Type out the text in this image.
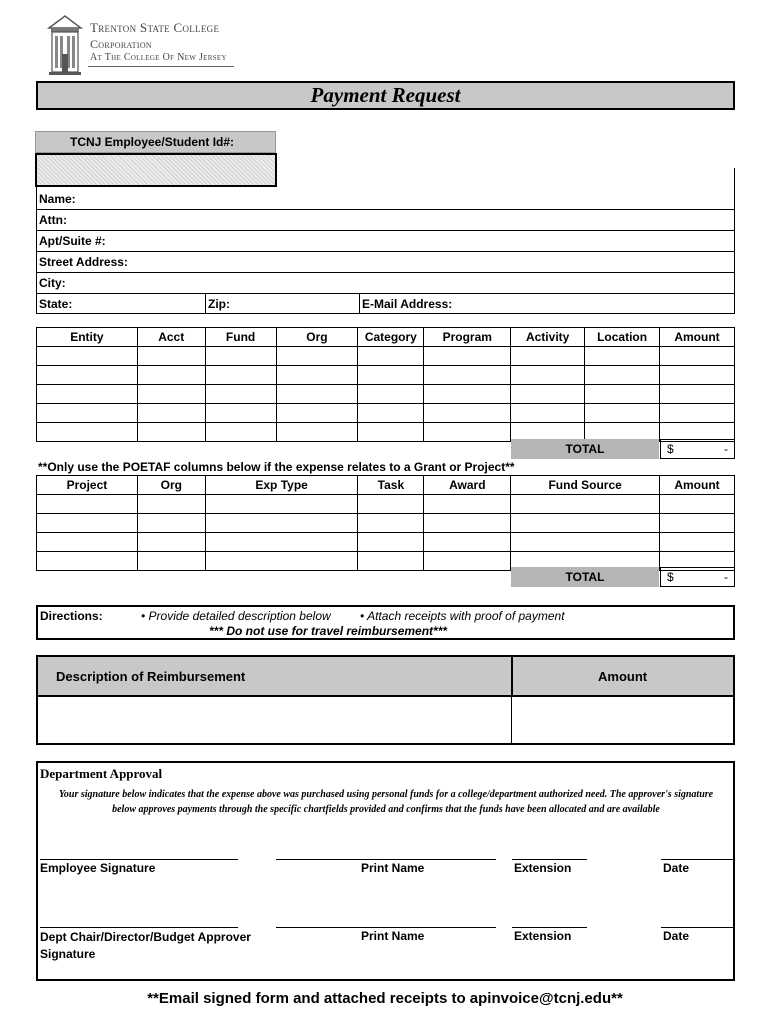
Trenton State College
Corporation
At The College Of New Jersey
Payment Request
TCNJ Employee/Student Id#:
Name:
Attn:
Apt/Suite #:
Street Address:
City:
State:	Zip:	E-Mail Address:
Entity	Acct	Fund	Org	Category	Program	Activity	Location	Amount

TOTAL	$	-
**Only use the POETAF columns below if the expense relates to a Grant or Project**
Project	Org	Exp Type	Task	Award	Fund Source	Amount

TOTAL	$	-
Directions:	• Provide detailed description below • Attach receipts with proof of payment
*** Do not use for travel reimbursement***
Description of Reimbursement	Amount
Department Approval
Your signature below indicates that the expense above was purchased using personal funds for a college/department authorized need. The approver's signature below approves payments through the specific chartfields provided and confirms that the funds have been allocated and are available
Employee Signature	Print Name	Extension	Date
Dept Chair/Director/Budget Approver
Signature
Print Name	Extension	Date
**Email signed form and attached receipts to apinvoice@tcnj.edu**
